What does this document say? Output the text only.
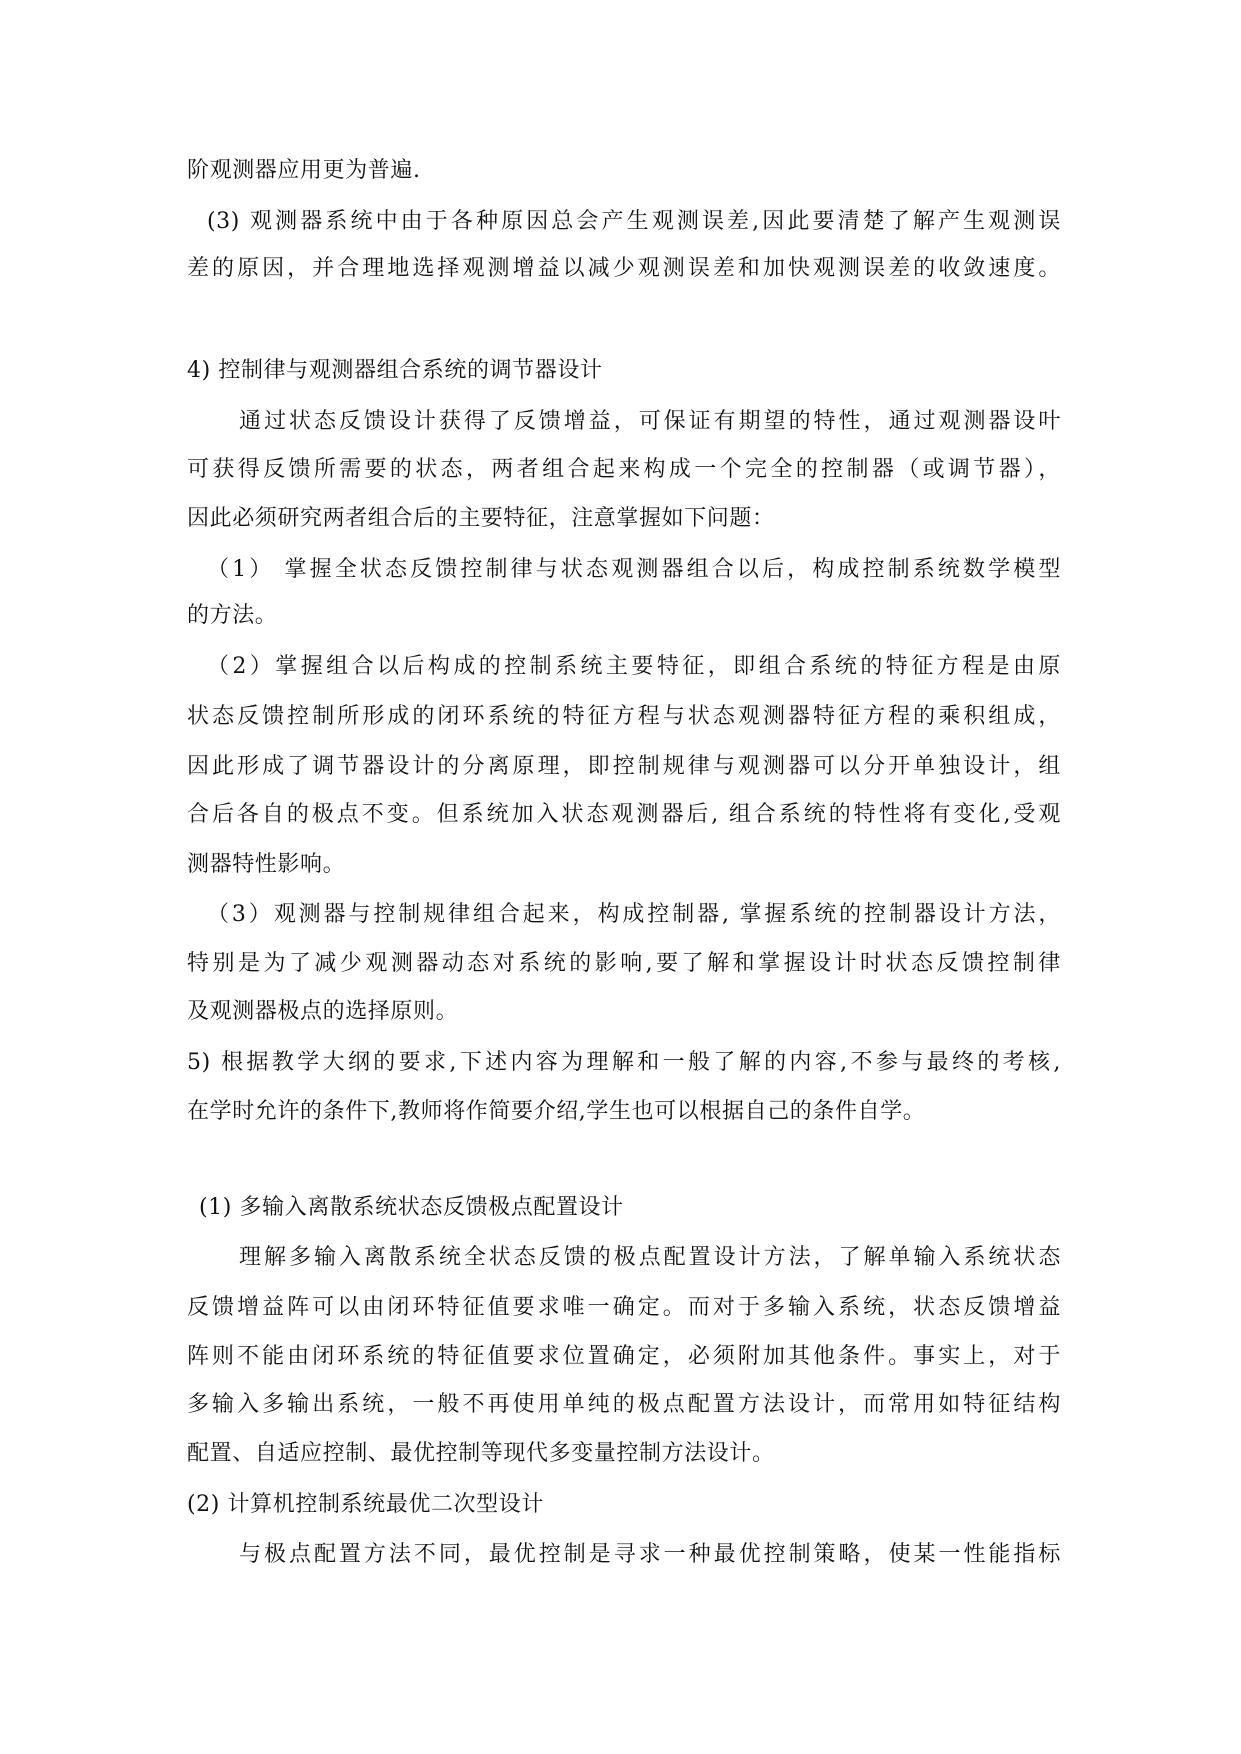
阶观测器应用更为普遍.
(3) 观测器系统中由于各种原因总会产生观测误差,因此要清楚了解产生观测误
差的原因，并合理地选择观测增益以减少观测误差和加快观测误差的收敛速度。
4) 控制律与观测器组合系统的调节器设计
通过状态反馈设计获得了反馈增益，可保证有期望的特性，通过观测器设叶
可获得反馈所需要的状态，两者组合起来构成一个完全的控制器（或调节器），
因此必须研究两者组合后的主要特征，注意掌握如下问题：
（1） 掌握全状态反馈控制律与状态观测器组合以后，构成控制系统数学模型
的方法。
（2）掌握组合以后构成的控制系统主要特征，即组合系统的特征方程是由原
状态反馈控制所形成的闭环系统的特征方程与状态观测器特征方程的乘积组成，
因此形成了调节器设计的分离原理，即控制规律与观测器可以分开单独设计，组
合后各自的极点不变。但系统加入状态观测器后, 组合系统的特性将有变化,受观
测器特性影响。
（3）观测器与控制规律组合起来，构成控制器, 掌握系统的控制器设计方法，
特别是为了减少观测器动态对系统的影响,要了解和掌握设计时状态反馈控制律
及观测器极点的选择原则。
5) 根据教学大纲的要求,下述内容为理解和一般了解的内容,不参与最终的考核,
在学时允许的条件下,教师将作简要介绍,学生也可以根据自己的条件自学。
(1) 多输入离散系统状态反馈极点配置设计
理解多输入离散系统全状态反馈的极点配置设计方法，了解单输入系统状态
反馈增益阵可以由闭环特征值要求唯一确定。而对于多输入系统，状态反馈增益
阵则不能由闭环系统的特征值要求位置确定，必须附加其他条件。事实上，对于
多输入多输出系统，一般不再使用单纯的极点配置方法设计，而常用如特征结构
配置、自适应控制、最优控制等现代多变量控制方法设计。
(2) 计算机控制系统最优二次型设计
与极点配置方法不同，最优控制是寻求一种最优控制策略，使某一性能指标
